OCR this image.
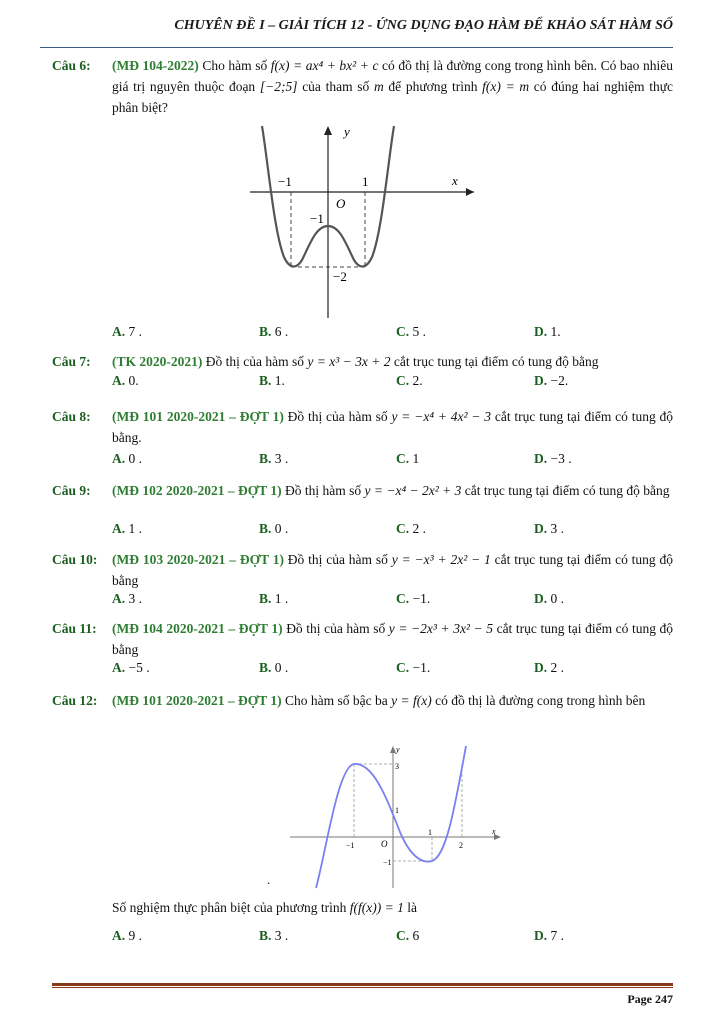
CHUYÊN ĐỀ I – GIẢI TÍCH 12 - ỨNG DỤNG ĐẠO HÀM ĐỂ KHẢO SÁT HÀM SỐ
Câu 6: (MĐ 104-2022) Cho hàm số f(x) = ax⁴ + bx² + c có đồ thị là đường cong trong hình bên. Có bao nhiêu giá trị nguyên thuộc đoạn [−2;5] của tham số m để phương trình f(x) = m có đúng hai nghiệm thực phân biệt?
y
x
−1	1
O
−1
−2
A. 7 .	B. 6 .	C. 5 .	D. 1.
Câu 7: (TK 2020-2021) Đồ thị của hàm số y = x³ − 3x + 2 cắt trục tung tại điểm có tung độ bằng
A. 0.	B. 1.	C. 2.	D. −2.
Câu 8: (MĐ 101 2020-2021 – ĐỢT 1) Đồ thị của hàm số y = −x⁴ + 4x² − 3 cắt trục tung tại điểm có tung độ bằng.
A. 0 .	B. 3 .	C. 1	D. −3 .
Câu 9: (MĐ 102 2020-2021 – ĐỢT 1) Đồ thị hàm số y = −x⁴ − 2x² + 3 cắt trục tung tại điểm có tung độ bằng
A. 1 .	B. 0 .	C. 2 .	D. 3 .
Câu 10: (MĐ 103 2020-2021 – ĐỢT 1) Đồ thị của hàm số y = −x³ + 2x² − 1 cắt trục tung tại điểm có tung độ bằng
A. 3 .	B. 1 .	C. −1.	D. 0 .
Câu 11: (MĐ 104 2020-2021 – ĐỢT 1) Đồ thị của hàm số y = −2x³ + 3x² − 5 cắt trục tung tại điểm có tung độ bằng
A. −5 .	B. 0 .	C. −1.	D. 2 .
Câu 12: (MĐ 101 2020-2021 – ĐỢT 1) Cho hàm số bậc ba y = f(x) có đồ thị là đường cong trong hình bên
y
x
3
1
−1
−1	O
1
2
.
Số nghiệm thực phân biệt của phương trình f(f(x)) = 1 là
A. 9 .	B. 3 .	C. 6	D. 7 .
Page 247
